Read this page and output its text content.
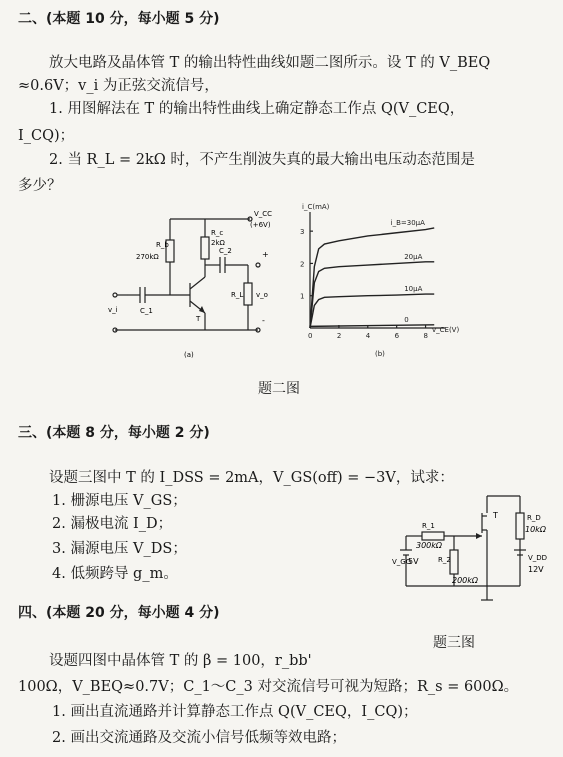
二、(本题 10 分，每小题 5 分)
放大电路及晶体管 T 的输出特性曲线如题二图所示。设 T 的 V_BEQ
≈0.6V；v_i 为正弦交流信号，
1. 用图解法在 T 的输出特性曲线上确定静态工作点 Q(V_CEQ，
I_CQ)；
2. 当 R_L = 2kΩ 时，不产生削波失真的最大输出电压动态范围是
多少？
V_CC
(+6V)
R_b
270kΩ
R_c
2kΩ
C_1
C_2
T
R_L v_o
v_i
+
-
(a)
0	2	4	6	8
1
2
3
i_C(mA)
v_CE(V)
(b)
i_B=30μA
20μA
10μA
0
题二图
三、(本题 8 分，每小题 2 分)
设题三图中 T 的 I_DSS = 2mA，V_GS(off) = −3V，试求：
1. 栅源电压 V_GS；
2. 漏极电流 I_D；
3. 漏源电压 V_DS；
4. 低频跨导 g_m。
T
R_1
300kΩ
R_2
200kΩ
R_D
10kΩ
V_GG
5V	V_DD
12V
题三图
四、(本题 20 分，每小题 4 分)
设题四图中晶体管 T 的 β = 100，r_bb'
100Ω，V_BEQ≈0.7V；C_1～C_3 对交流信号可视为短路；R_s = 600Ω。
1. 画出直流通路并计算静态工作点 Q(V_CEQ，I_CQ)；
2. 画出交流通路及交流小信号低频等效电路；
